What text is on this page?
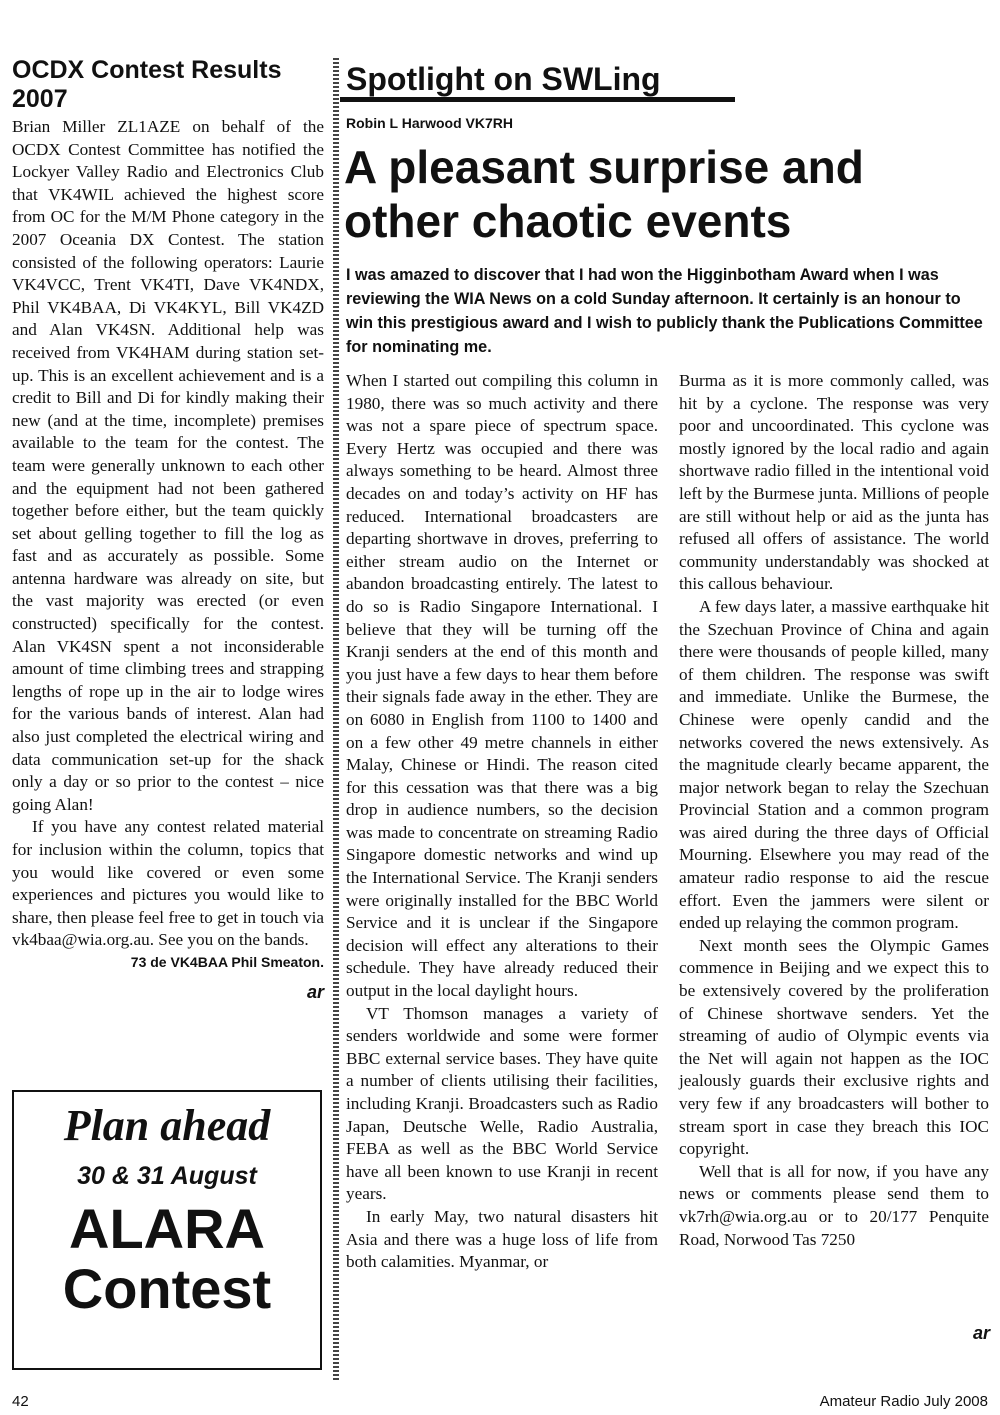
OCDX Contest Results 2007

Brian Miller ZL1AZE on behalf of the OCDX Contest Committee has notified the Lockyer Valley Radio and Electronics Club that VK4WIL achieved the highest score from OC for the M/M Phone category in the 2007 Oceania DX Contest. The station consisted of the following operators: Laurie VK4VCC, Trent VK4TI, Dave VK4NDX, Phil VK4BAA, Di VK4KYL, Bill VK4ZD and Alan VK4SN. Additional help was received from VK4HAM during station set-up. This is an excellent achievement and is a credit to Bill and Di for kindly making their new (and at the time, incomplete) premises available to the team for the contest. The team were generally unknown to each other and the equipment had not been gathered together before either, but the team quickly set about gelling together to fill the log as fast and as accurately as possible. Some antenna hardware was already on site, but the vast majority was erected (or even constructed) specifically for the contest. Alan VK4SN spent a not inconsiderable amount of time climbing trees and strapping lengths of rope up in the air to lodge wires for the various bands of interest. Alan had also just completed the electrical wiring and data communication set-up for the shack only a day or so prior to the contest – nice going Alan!

If you have any contest related material for inclusion within the column, topics that you would like covered or even some experiences and pictures you would like to share, then please feel free to get in touch via vk4baa@wia.org.au. See you on the bands.

73 de VK4BAA Phil Smeaton.
ar
Plan ahead
30 & 31 August
ALARA
Contest
Spotlight on SWLing
Robin L Harwood VK7RH
A pleasant surprise and other chaotic events

I was amazed to discover that I had won the Higginbotham Award when I was reviewing the WIA News on a cold Sunday afternoon. It certainly is an honour to win this prestigious award and I wish to publicly thank the Publications Committee for nominating me.

When I started out compiling this column in 1980, there was so much activity and there was not a spare piece of spectrum space. Every Hertz was occupied and there was always something to be heard. Almost three decades on and today’s activity on HF has reduced. International broadcasters are departing shortwave in droves, preferring to either stream audio on the Internet or abandon broadcasting entirely. The latest to do so is Radio Singapore International. I believe that they will be turning off the Kranji senders at the end of this month and you just have a few days to hear them before their signals fade away in the ether. They are on 6080 in English from 1100 to 1400 and on a few other 49 metre channels in either Malay, Chinese or Hindi. The reason cited for this cessation was that there was a big drop in audience numbers, so the decision was made to concentrate on streaming Radio Singapore domestic networks and wind up the International Service. The Kranji senders were originally installed for the BBC World Service and it is unclear if the Singapore decision will effect any alterations to their schedule. They have already reduced their output in the local daylight hours.

VT Thomson manages a variety of senders worldwide and some were former BBC external service bases. They have quite a number of clients utilising their facilities, including Kranji. Broadcasters such as Radio Japan, Deutsche Welle, Radio Australia, FEBA as well as the BBC World Service have all been known to use Kranji in recent years.

In early May, two natural disasters hit Asia and there was a huge loss of life from both calamities. Myanmar, or

Burma as it is more commonly called, was hit by a cyclone. The response was very poor and uncoordinated. This cyclone was mostly ignored by the local radio and again shortwave radio filled in the intentional void left by the Burmese junta. Millions of people are still without help or aid as the junta has refused all offers of assistance. The world community understandably was shocked at this callous behaviour.

A few days later, a massive earthquake hit the Szechuan Province of China and again there were thousands of people killed, many of them children. The response was swift and immediate. Unlike the Burmese, the Chinese were openly candid and the networks covered the news extensively. As the magnitude clearly became apparent, the major network began to relay the Szechuan Provincial Station and a common program was aired during the three days of Official Mourning. Elsewhere you may read of the amateur radio response to aid the rescue effort. Even the jammers were silent or ended up relaying the common program.

Next month sees the Olympic Games commence in Beijing and we expect this to be extensively covered by the proliferation of Chinese shortwave senders. Yet the streaming of audio of Olympic events via the Net will again not happen as the IOC jealously guards their exclusive rights and very few if any broadcasters will bother to stream sport in case they breach this IOC copyright.

Well that is all for now, if you have any news or comments please send them to vk7rh@wia.org.au or to 20/177 Penquite Road, Norwood Tas 7250

ar
42	Amateur Radio July 2008
